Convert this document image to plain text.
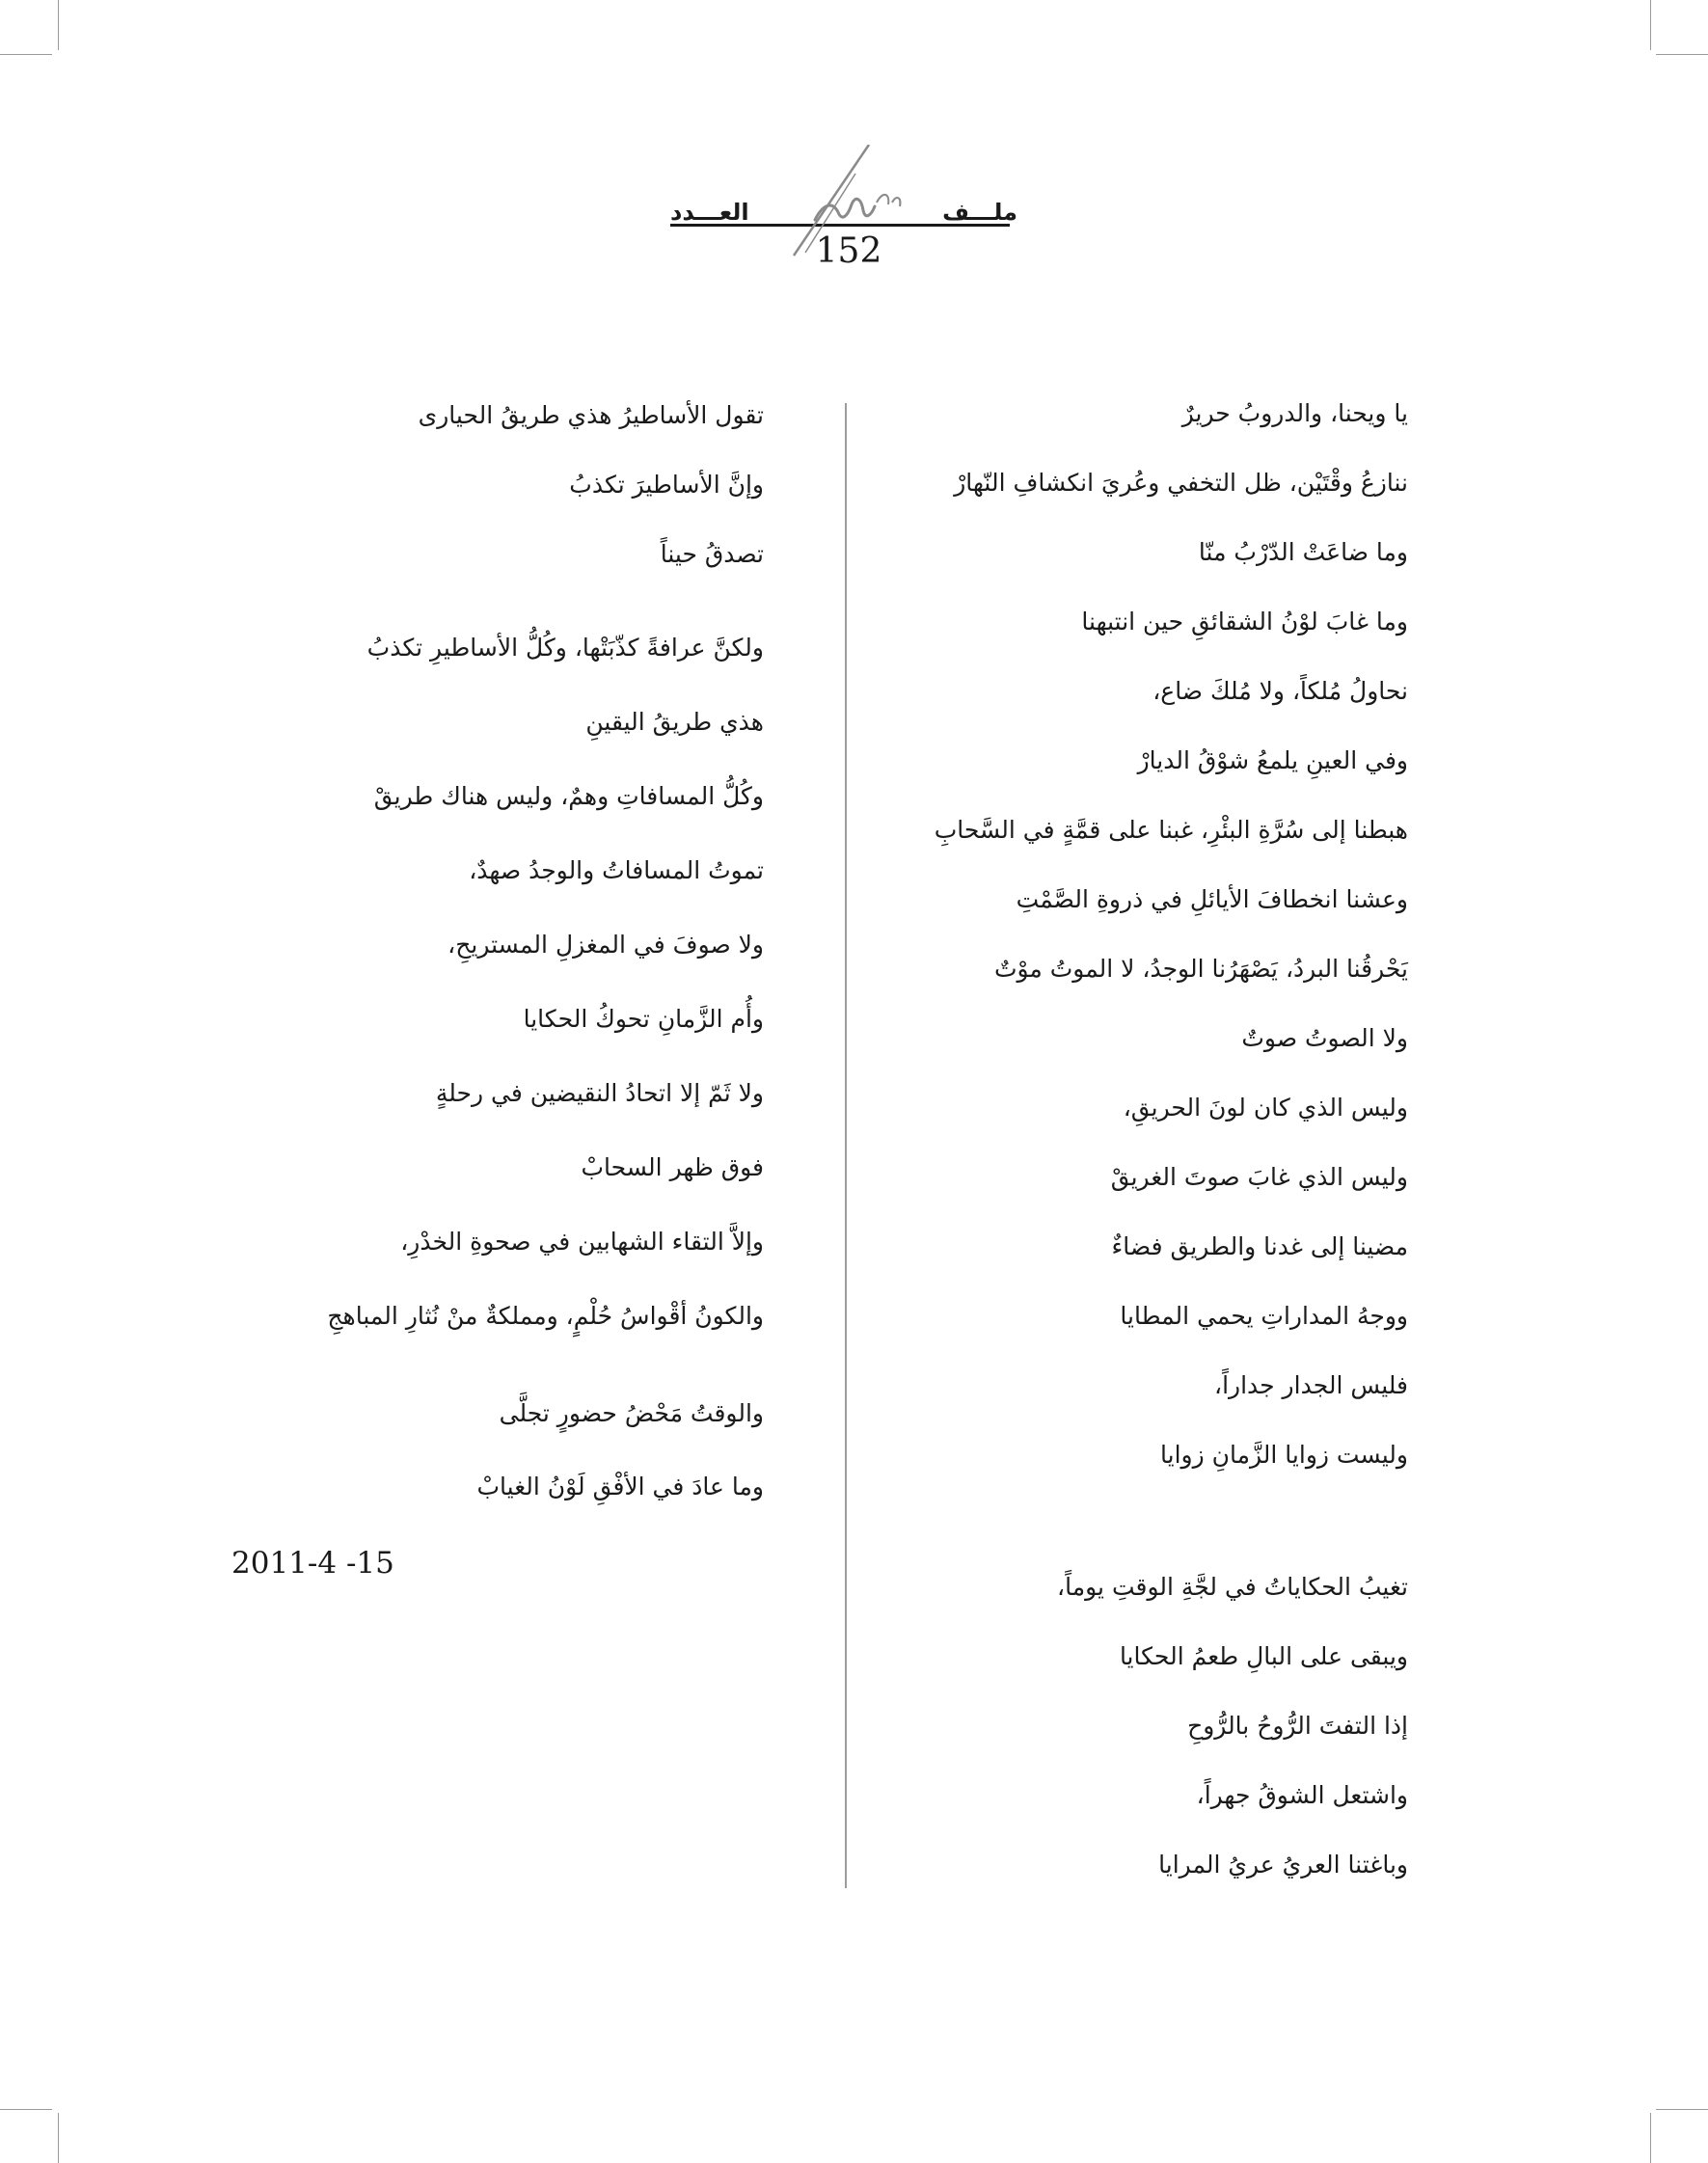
العـــدد	ملـــف
152
يا ويحنا، والدروبُ حريرٌ
ننازعُ وقْتَيْن، ظل التخفي وعُريَ انكشافِ النّهارْ
وما ضاعَتْ الدّرْبُ منّا
وما غابَ لوْنُ الشقائقِ حين انتبهنا
نحاولُ مُلكاً، ولا مُلكَ ضاع،
وفي العينِ يلمعُ شوْقُ الديارْ
هبطنا إلى سُرَّةِ البئْرِ، غبنا على قمَّةٍ في السَّحابِ
وعشنا انخطافَ الأيائلِ في ذروةِ الصَّمْتِ
يَحْرقُنا البردُ، يَصْهَرُنا الوجدُ، لا الموتُ موْتٌ
ولا الصوتُ صوتٌ
وليس الذي كان لونَ الحريقِ،
وليس الذي غابَ صوتَ الغريقْ
مضينا إلى غدنا والطريق فضاءٌ
ووجهُ المداراتِ يحمي المطايا
فليس الجدار جداراً،
وليست زوايا الزَّمانِ زوايا
تغيبُ الحكاياتُ في لجَّةِ الوقتِ يوماً،
ويبقى على البالِ طعمُ الحكايا
إذا التفتَ الرُّوحُ بالرُّوحِ
واشتعل الشوقُ جهراً،
وباغتنا العريُ عريُ المرايا
تقول الأساطيرُ هذي طريقُ الحيارى
وإنَّ الأساطيرَ تكذبُ
تصدقُ حيناً
ولكنَّ عرافةً كذّبَتْها، وكُلُّ الأساطيرِ تكذبُ
هذي طريقُ اليقينِ
وكُلُّ المسافاتِ وهمٌ، وليس هناك طريقْ
تموتُ المسافاتُ والوجدُ صهدٌ،
ولا صوفَ في المغزلِ المستريحِ،
وأُم الزَّمانِ تحوكُ الحكايا
ولا ثَمّ إلا اتحادُ النقيضين في رحلةٍ
فوق ظهر السحابْ
وإلاَّ التقاء الشهابين في صحوةِ الخدْرِ،
والكونُ أقْواسُ حُلْمٍ، ومملكةٌ منْ نُثارِ المباهجِ
والوقتُ مَحْضُ حضورٍ تجلَّى
وما عادَ في الأفْقِ لَوْنُ الغيابْ
2011-4 -15
